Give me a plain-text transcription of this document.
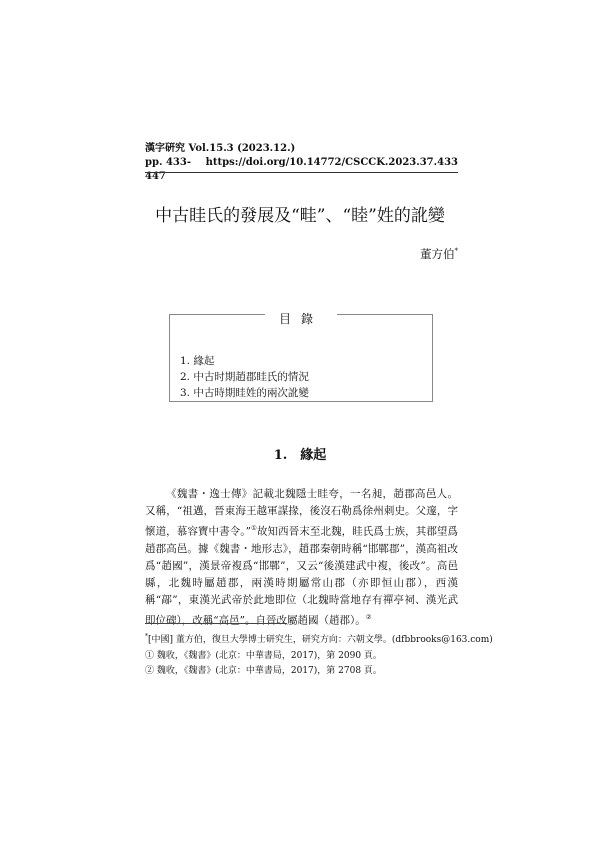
漢字硏究 Vol.15.3 (2023.12.)
pp. 433-447
https://doi.org/10.14772/CSCCK.2023.37.433
中古眭氏的發展及“畦”、“睦”姓的訛變
董方伯*
目錄
1. 緣起
2. 中古时期趙郡眭氏的情況
3. 中古時期眭姓的兩次訛變
1.　緣起

《魏書・逸士傳》記載北魏隱士眭夸，一名昶，趙郡高邑人。又稱，“祖邁，晉東海王越軍謀掾，後沒石勒爲徐州刺史。父邃，字懷道，慕容寶中書令。”①故知西晉末至北魏，眭氏爲士族，其郡望爲趙郡高邑。據《魏書・地形志》，趙郡秦朝時稱“邯鄲郡”，漢高祖改爲“趙國”，漢景帝複爲“邯鄲”，又云“後漢建武中複，後改”。高邑縣，北魏時屬趙郡，兩漢時期屬常山郡（亦即恒山郡），西漢稱“鄗”，東漢光武帝於此地即位（北魏時當地存有禪亭祠、漢光武即位碑），改稱“高邑”。自晉改屬趙國（趙郡）。②

*[中國] 董方伯，復旦大學博士研究生，研究方向：六朝文學。(dfbbrooks@163.com)
① 魏收，《魏書》(北京：中華書局，2017)，第 2090 頁。
② 魏收，《魏書》(北京：中華書局，2017)，第 2708 頁。
